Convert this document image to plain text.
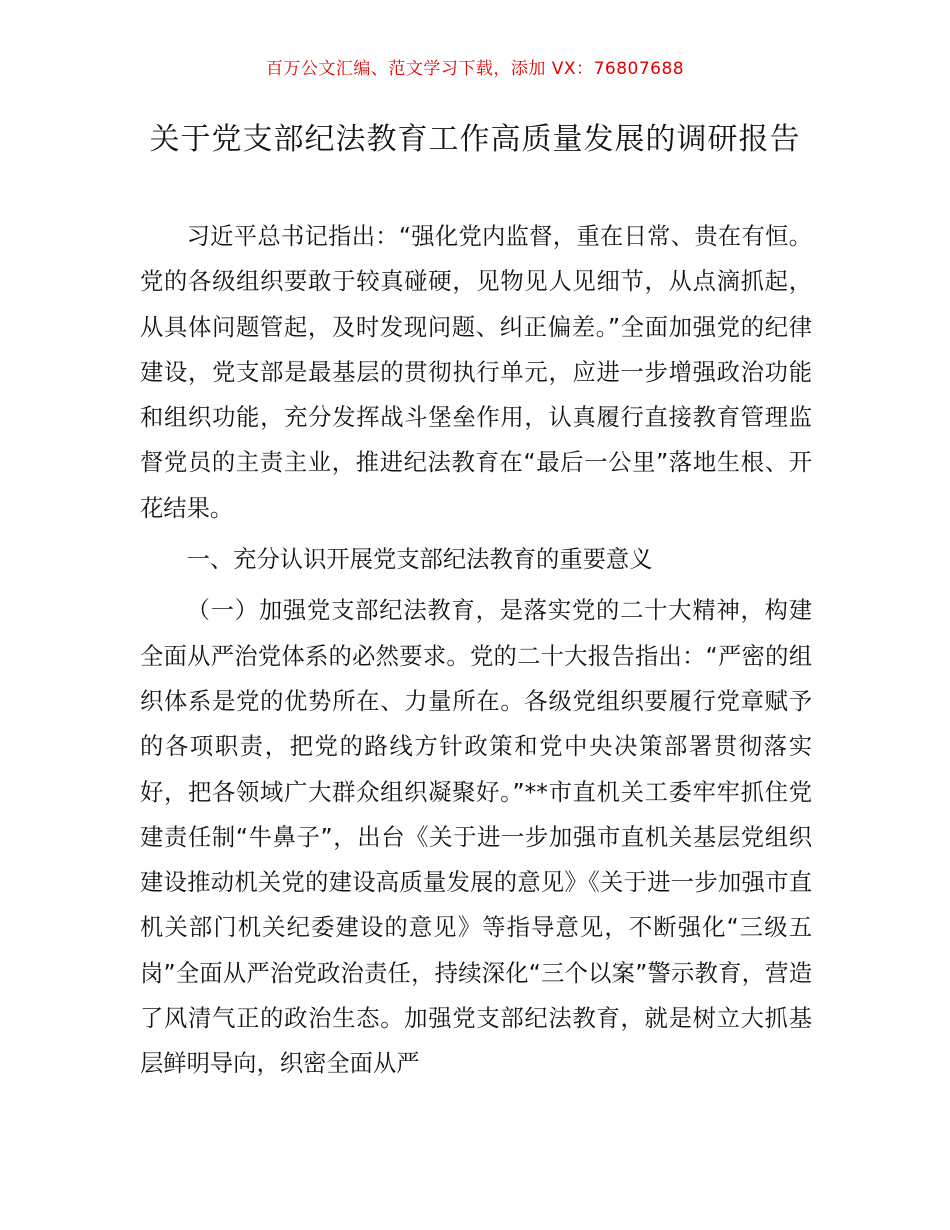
百万公文汇编、范文学习下载，添加 VX：76807688
关于党支部纪法教育工作高质量发展的调研报告

习近平总书记指出：“强化党内监督，重在日常、贵在有恒。党的各级组织要敢于较真碰硬，见物见人见细节，从点滴抓起，从具体问题管起，及时发现问题、纠正偏差。”全面加强党的纪律建设，党支部是最基层的贯彻执行单元，应进一步增强政治功能和组织功能，充分发挥战斗堡垒作用，认真履行直接教育管理监督党员的主责主业，推进纪法教育在“最后一公里”落地生根、开花结果。

一、充分认识开展党支部纪法教育的重要意义

（一）加强党支部纪法教育，是落实党的二十大精神，构建全面从严治党体系的必然要求。党的二十大报告指出：“严密的组织体系是党的优势所在、力量所在。各级党组织要履行党章赋予的各项职责，把党的路线方针政策和党中央决策部署贯彻落实好，把各领域广大群众组织凝聚好。”**市直机关工委牢牢抓住党建责任制“牛鼻子”，出台《关于进一步加强市直机关基层党组织建设推动机关党的建设高质量发展的意见》《关于进一步加强市直机关部门机关纪委建设的意见》等指导意见，不断强化“三级五岗”全面从严治党政治责任，持续深化“三个以案”警示教育，营造了风清气正的政治生态。加强党支部纪法教育，就是树立大抓基层鲜明导向，织密全面从严
